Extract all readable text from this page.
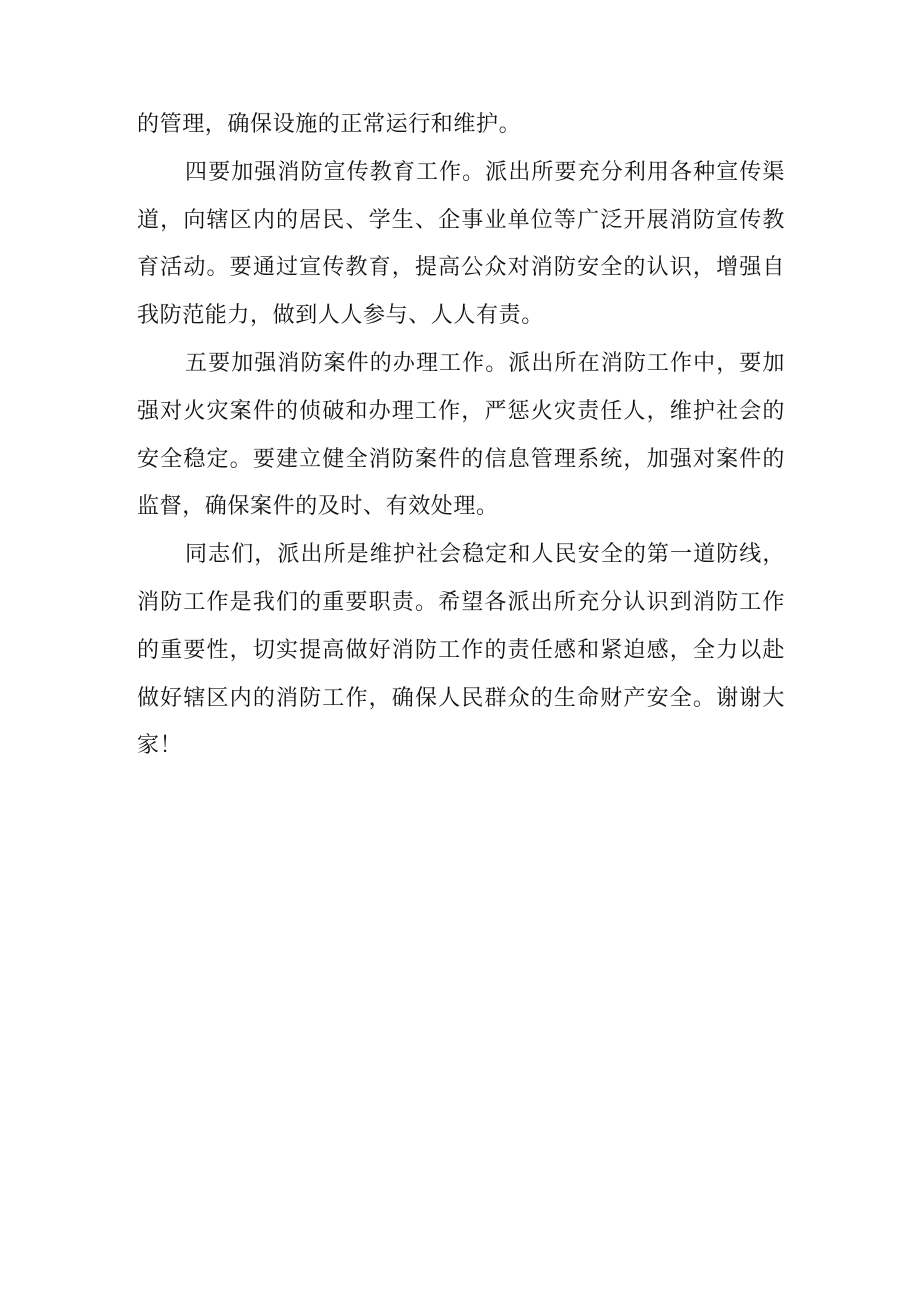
的管理，确保设施的正常运行和维护。

四要加强消防宣传教育工作。派出所要充分利用各种宣传渠道，向辖区内的居民、学生、企事业单位等广泛开展消防宣传教育活动。要通过宣传教育，提高公众对消防安全的认识，增强自我防范能力，做到人人参与、人人有责。

五要加强消防案件的办理工作。派出所在消防工作中，要加强对火灾案件的侦破和办理工作，严惩火灾责任人，维护社会的安全稳定。要建立健全消防案件的信息管理系统，加强对案件的监督，确保案件的及时、有效处理。

同志们，派出所是维护社会稳定和人民安全的第一道防线，消防工作是我们的重要职责。希望各派出所充分认识到消防工作的重要性，切实提高做好消防工作的责任感和紧迫感，全力以赴做好辖区内的消防工作，确保人民群众的生命财产安全。谢谢大家！
